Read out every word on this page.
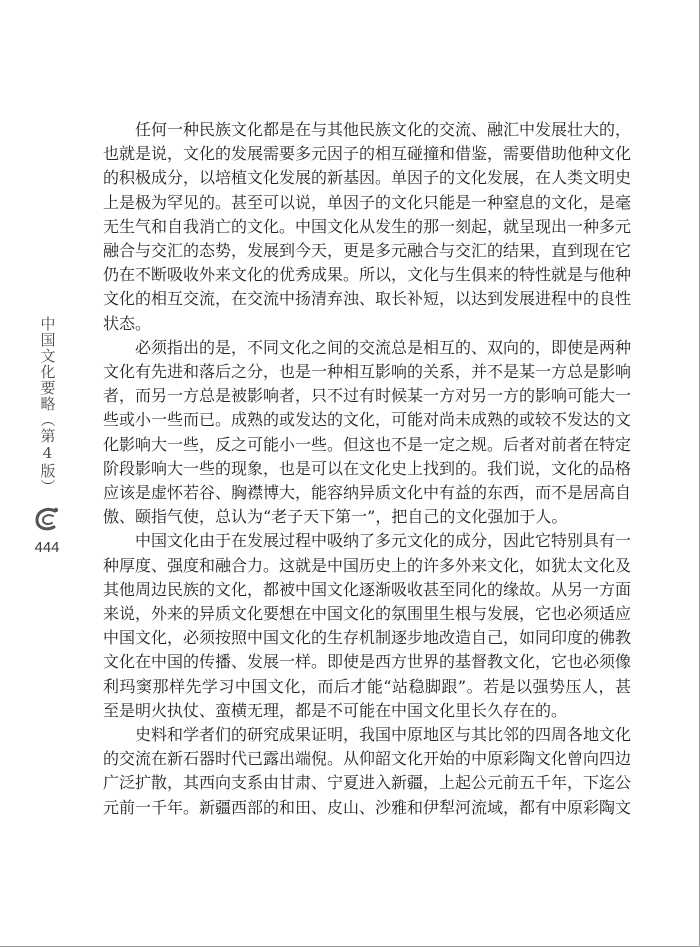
中国文化要略（第4版）
444

任何一种民族文化都是在与其他民族文化的交流、融汇中发展壮大的，也就是说，文化的发展需要多元因子的相互碰撞和借鉴，需要借助他种文化的积极成分，以培植文化发展的新基因。单因子的文化发展，在人类文明史上是极为罕见的。甚至可以说，单因子的文化只能是一种窒息的文化，是毫无生气和自我消亡的文化。中国文化从发生的那一刻起，就呈现出一种多元融合与交汇的态势，发展到今天，更是多元融合与交汇的结果，直到现在它仍在不断吸收外来文化的优秀成果。所以，文化与生俱来的特性就是与他种文化的相互交流，在交流中扬清弃浊、取长补短，以达到发展进程中的良性状态。

必须指出的是，不同文化之间的交流总是相互的、双向的，即使是两种文化有先进和落后之分，也是一种相互影响的关系，并不是某一方总是影响者，而另一方总是被影响者，只不过有时候某一方对另一方的影响可能大一些或小一些而已。成熟的或发达的文化，可能对尚未成熟的或较不发达的文化影响大一些，反之可能小一些。但这也不是一定之规。后者对前者在特定阶段影响大一些的现象，也是可以在文化史上找到的。我们说，文化的品格应该是虚怀若谷、胸襟博大，能容纳异质文化中有益的东西，而不是居高自傲、颐指气使，总认为“老子天下第一”，把自己的文化强加于人。

中国文化由于在发展过程中吸纳了多元文化的成分，因此它特别具有一种厚度、强度和融合力。这就是中国历史上的许多外来文化，如犹太文化及其他周边民族的文化，都被中国文化逐渐吸收甚至同化的缘故。从另一方面来说，外来的异质文化要想在中国文化的氛围里生根与发展，它也必须适应中国文化，必须按照中国文化的生存机制逐步地改造自己，如同印度的佛教文化在中国的传播、发展一样。即使是西方世界的基督教文化，它也必须像利玛窦那样先学习中国文化，而后才能“站稳脚跟”。若是以强势压人，甚至是明火执仗、蛮横无理，都是不可能在中国文化里长久存在的。

史料和学者们的研究成果证明，我国中原地区与其比邻的四周各地文化的交流在新石器时代已露出端倪。从仰韶文化开始的中原彩陶文化曾向四边广泛扩散，其西向支系由甘肃、宁夏进入新疆，上起公元前五千年，下迄公元前一千年。新疆西部的和田、皮山、沙雅和伊犁河流域，都有中原彩陶文
